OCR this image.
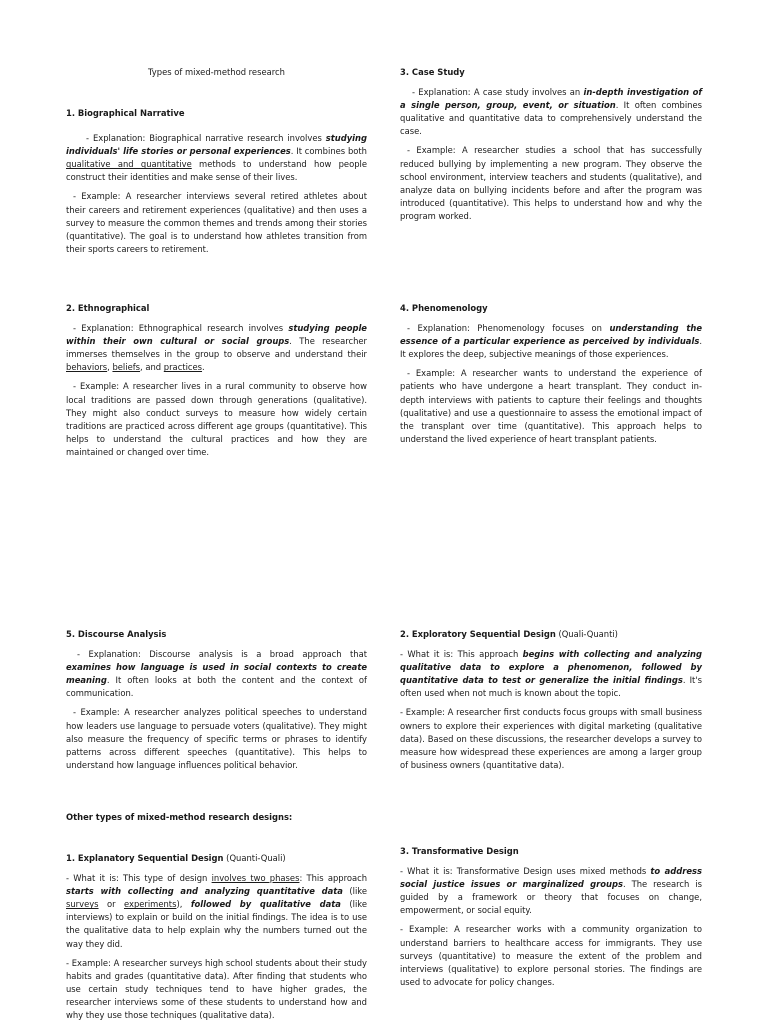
Types of mixed-method research
1. Biographical Narrative

- Explanation: Biographical narrative research involves studying individuals' life stories or personal experiences. It combines both qualitative and quantitative methods to understand how people construct their identities and make sense of their lives.

- Example: A researcher interviews several retired athletes about their careers and retirement experiences (qualitative) and then uses a survey to measure the common themes and trends among their stories (quantitative). The goal is to understand how athletes transition from their sports careers to retirement.

3. Case Study

- Explanation: A case study involves an in-depth investigation of a single person, group, event, or situation. It often combines qualitative and quantitative data to comprehensively understand the case.

- Example: A researcher studies a school that has successfully reduced bullying by implementing a new program. They observe the school environment, interview teachers and students (qualitative), and analyze data on bullying incidents before and after the program was introduced (quantitative). This helps to understand how and why the program worked.

2. Ethnographical

- Explanation: Ethnographical research involves studying people within their own cultural or social groups. The researcher immerses themselves in the group to observe and understand their behaviors, beliefs, and practices.

- Example: A researcher lives in a rural community to observe how local traditions are passed down through generations (qualitative). They might also conduct surveys to measure how widely certain traditions are practiced across different age groups (quantitative). This helps to understand the cultural practices and how they are maintained or changed over time.

4. Phenomenology

- Explanation: Phenomenology focuses on understanding the essence of a particular experience as perceived by individuals. It explores the deep, subjective meanings of those experiences.

- Example: A researcher wants to understand the experience of patients who have undergone a heart transplant. They conduct in-depth interviews with patients to capture their feelings and thoughts (qualitative) and use a questionnaire to assess the emotional impact of the transplant over time (quantitative). This approach helps to understand the lived experience of heart transplant patients.

5. Discourse Analysis

- Explanation: Discourse analysis is a broad approach that examines how language is used in social contexts to create meaning. It often looks at both the content and the context of communication.

- Example: A researcher analyzes political speeches to understand how leaders use language to persuade voters (qualitative). They might also measure the frequency of specific terms or phrases to identify patterns across different speeches (quantitative). This helps to understand how language influences political behavior.

2. Exploratory Sequential Design (Quali-Quanti)

- What it is: This approach begins with collecting and analyzing qualitative data to explore a phenomenon, followed by quantitative data to test or generalize the initial findings. It's often used when not much is known about the topic.

- Example: A researcher first conducts focus groups with small business owners to explore their experiences with digital marketing (qualitative data). Based on these discussions, the researcher develops a survey to measure how widespread these experiences are among a larger group of business owners (quantitative data).

Other types of mixed-method research designs:
1. Explanatory Sequential Design (Quanti-Quali)

- What it is: This type of design involves two phases: This approach starts with collecting and analyzing quantitative data (like surveys or experiments), followed by qualitative data (like interviews) to explain or build on the initial findings. The idea is to use the qualitative data to help explain why the numbers turned out the way they did.

- Example: A researcher surveys high school students about their study habits and grades (quantitative data). After finding that students who use certain study techniques tend to have higher grades, the researcher interviews some of these students to understand how and why they use those techniques (qualitative data).

3. Transformative Design

- What it is: Transformative Design uses mixed methods to address social justice issues or marginalized groups. The research is guided by a framework or theory that focuses on change, empowerment, or social equity.

- Example: A researcher works with a community organization to understand barriers to healthcare access for immigrants. They use surveys (quantitative) to measure the extent of the problem and interviews (qualitative) to explore personal stories. The findings are used to advocate for policy changes.
